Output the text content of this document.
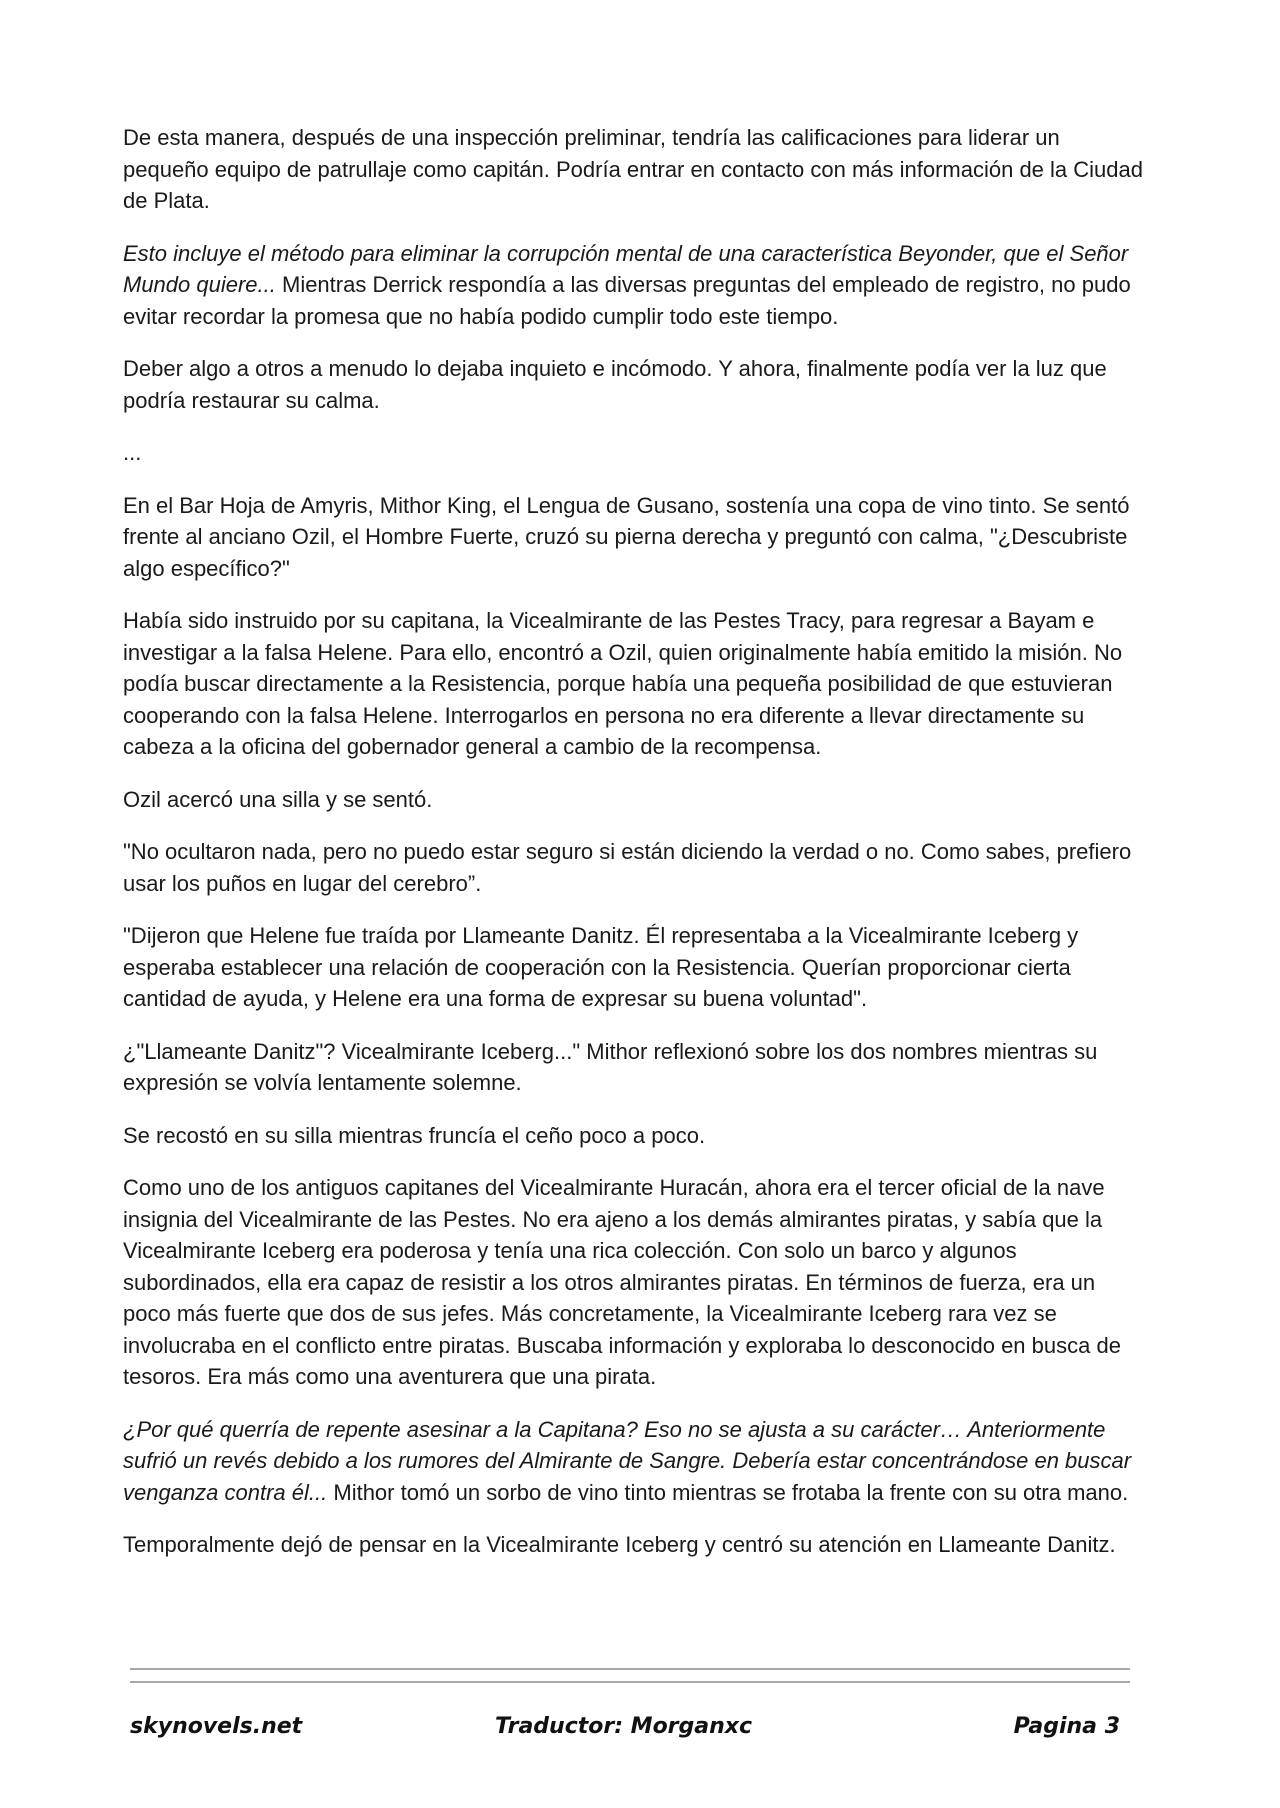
De esta manera, después de una inspección preliminar, tendría las calificaciones para liderar un pequeño equipo de patrullaje como capitán. Podría entrar en contacto con más información de la Ciudad de Plata.

Esto incluye el método para eliminar la corrupción mental de una característica Beyonder, que el Señor Mundo quiere... Mientras Derrick respondía a las diversas preguntas del empleado de registro, no pudo evitar recordar la promesa que no había podido cumplir todo este tiempo.

Deber algo a otros a menudo lo dejaba inquieto e incómodo. Y ahora, finalmente podía ver la luz que podría restaurar su calma.

...

En el Bar Hoja de Amyris, Mithor King, el Lengua de Gusano, sostenía una copa de vino tinto. Se sentó frente al anciano Ozil, el Hombre Fuerte, cruzó su pierna derecha y preguntó con calma, "¿Descubriste algo específico?"

Había sido instruido por su capitana, la Vicealmirante de las Pestes Tracy, para regresar a Bayam e investigar a la falsa Helene. Para ello, encontró a Ozil, quien originalmente había emitido la misión. No podía buscar directamente a la Resistencia, porque había una pequeña posibilidad de que estuvieran cooperando con la falsa Helene. Interrogarlos en persona no era diferente a llevar directamente su cabeza a la oficina del gobernador general a cambio de la recompensa.

Ozil acercó una silla y se sentó.

"No ocultaron nada, pero no puedo estar seguro si están diciendo la verdad o no. Como sabes, prefiero usar los puños en lugar del cerebro”.

"Dijeron que Helene fue traída por Llameante Danitz. Él representaba a la Vicealmirante Iceberg y esperaba establecer una relación de cooperación con la Resistencia. Querían proporcionar cierta cantidad de ayuda, y Helene era una forma de expresar su buena voluntad".

¿"Llameante Danitz"? Vicealmirante Iceberg..." Mithor reflexionó sobre los dos nombres mientras su expresión se volvía lentamente solemne.

Se recostó en su silla mientras fruncía el ceño poco a poco.

Como uno de los antiguos capitanes del Vicealmirante Huracán, ahora era el tercer oficial de la nave insignia del Vicealmirante de las Pestes. No era ajeno a los demás almirantes piratas, y sabía que la Vicealmirante Iceberg era poderosa y tenía una rica colección. Con solo un barco y algunos subordinados, ella era capaz de resistir a los otros almirantes piratas. En términos de fuerza, era un poco más fuerte que dos de sus jefes. Más concretamente, la Vicealmirante Iceberg rara vez se involucraba en el conflicto entre piratas. Buscaba información y exploraba lo desconocido en busca de tesoros. Era más como una aventurera que una pirata.

¿Por qué querría de repente asesinar a la Capitana? Eso no se ajusta a su carácter… Anteriormente sufrió un revés debido a los rumores del Almirante de Sangre. Debería estar concentrándose en buscar venganza contra él... Mithor tomó un sorbo de vino tinto mientras se frotaba la frente con su otra mano.

Temporalmente dejó de pensar en la Vicealmirante Iceberg y centró su atención en Llameante Danitz.

skynovels.net	Traductor: Morganxc	Pagina 3
